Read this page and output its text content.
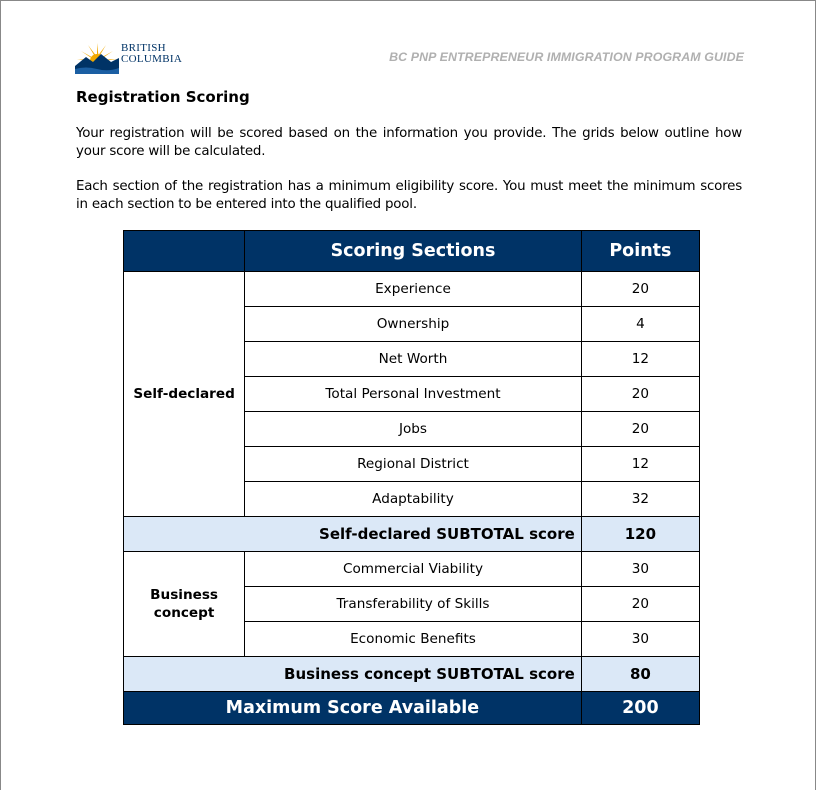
BRITISH
COLUMBIA	BC PNP ENTREPRENEUR IMMIGRATION PROGRAM GUIDE
Registration Scoring
Your registration will be scored based on the information you provide. The grids below outline how your score will be calculated.
Each section of the registration has a minimum eligibility score. You must meet the minimum scores in each section to be entered into the qualified pool.
	Scoring Sections	Points
Self-declared	Experience	20
	Ownership	4
	Net Worth	12
	Total Personal Investment	20
	Jobs	20
	Regional District	12
	Adaptability	32
Self-declared SUBTOTAL score		120
Business concept	Commercial Viability	30
	Transferability of Skills	20
	Economic Benefits	30
Business concept SUBTOTAL score		80
Maximum Score Available		200
